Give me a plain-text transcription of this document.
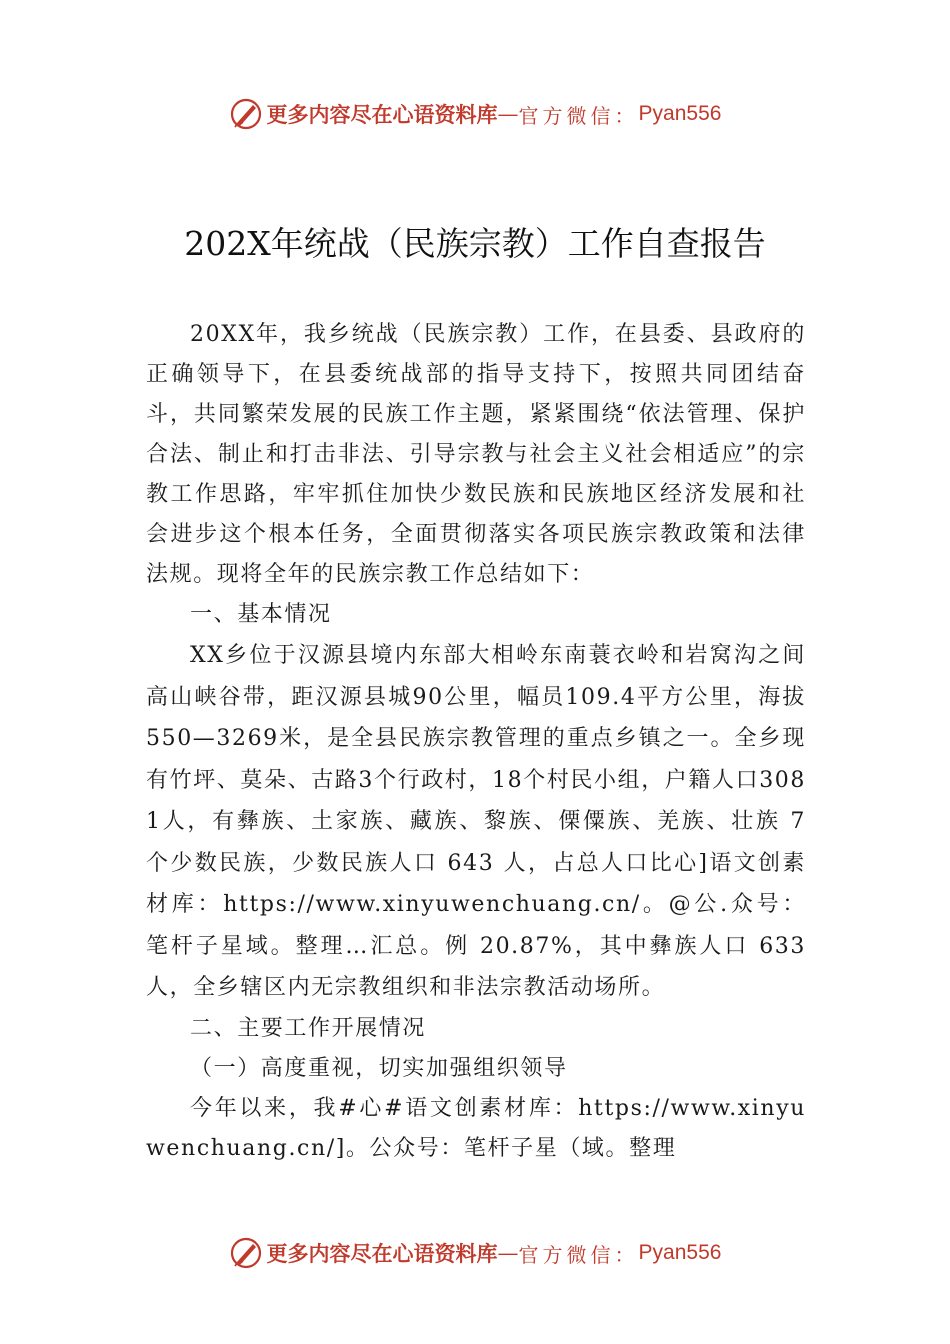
更多内容尽在心语资料库 — 官方微信： Pyan556
202X年统战（民族宗教）工作自查报告

20XX年，我乡统战（民族宗教）工作，在县委、县政府的正确领导下，在县委统战部的指导支持下，按照共同团结奋斗，共同繁荣发展的民族工作主题，紧紧围绕“依法管理、保护合法、制止和打击非法、引导宗教与社会主义社会相适应”的宗教工作思路，牢牢抓住加快少数民族和民族地区经济发展和社会进步这个根本任务，全面贯彻落实各项民族宗教政策和法律法规。现将全年的民族宗教工作总结如下：

一、基本情况

XX乡位于汉源县境内东部大相岭东南蓑衣岭和岩窝沟之间高山峡谷带，距汉源县城90公里，幅员109.4平方公里，海拔550—3269米，是全县民族宗教管理的重点乡镇之一。全乡现有竹坪、莫朵、古路3个行政村，18个村民小组，户籍人口3081人，有彝族、土家族、藏族、黎族、傈僳族、羌族、壮族 7 个少数民族，少数民族人口 643 人，占总人口比心]语文创素材库：https://www.xinyuwenchuang.cn/。@公.众号：笔杆子星域。整理…汇总。例 20.87%，其中彝族人口 633 人，全乡辖区内无宗教组织和非法宗教活动场所。

二、主要工作开展情况

（一）高度重视，切实加强组织领导

今年以来，我#心#语文创素材库：https://www.xinyuwenchuang.cn/]。公众号：笔杆子星（域。整理

更多内容尽在心语资料库 — 官方微信： Pyan556
